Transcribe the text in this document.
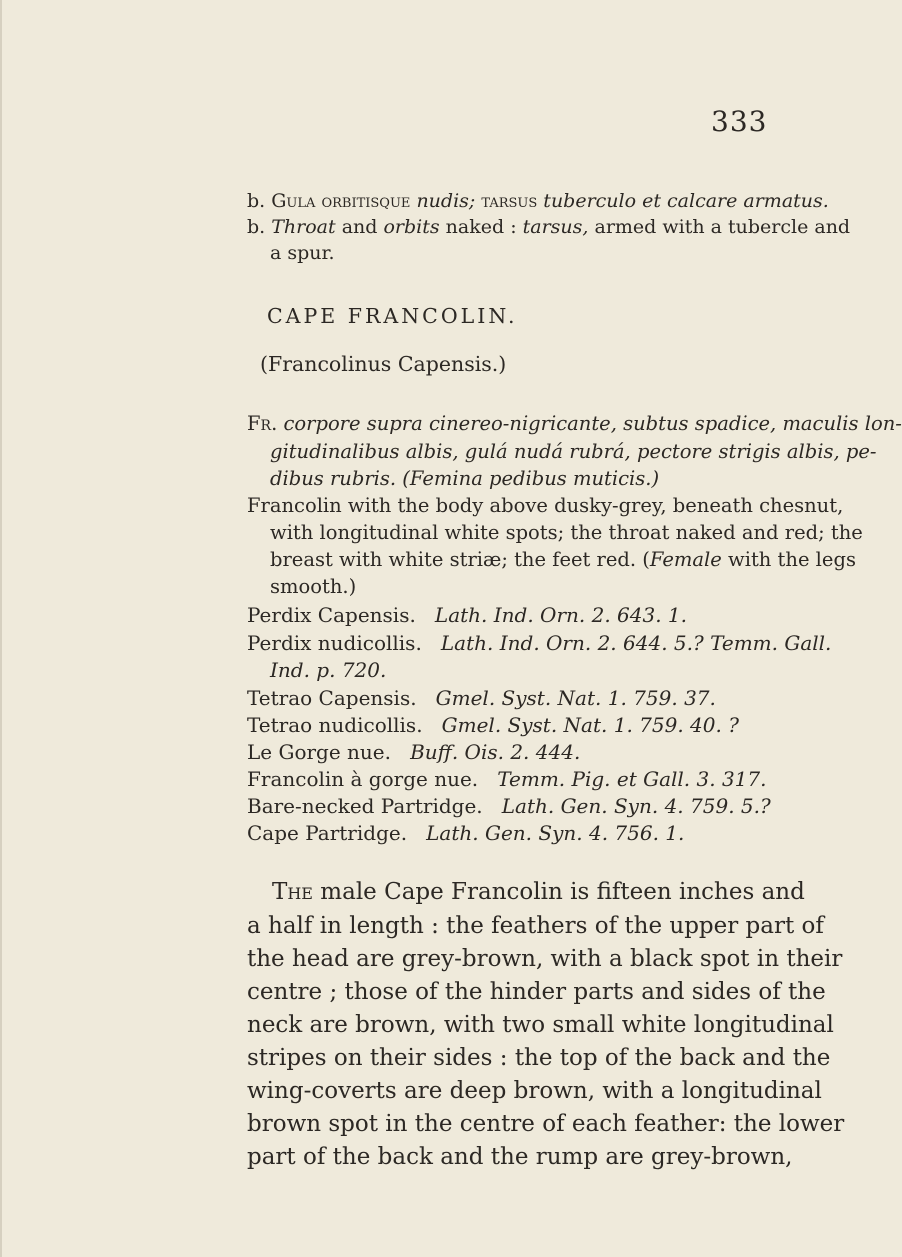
333
b. Gula orbitisque nudis; tarsus tuberculo et calcare armatus.
b. Throat and orbits naked : tarsus, armed with a tubercle and
a spur.
CAPE FRANCOLIN.
(Francolinus Capensis.)
Fr. corpore supra cinereo-nigricante, subtus spadice, maculis lon-
gitudinalibus albis, gulá nudá rubrá, pectore strigis albis, pe-
dibus rubris. (Femina pedibus muticis.)
Francolin with the body above dusky-grey, beneath chesnut,
with longitudinal white spots; the throat naked and red; the
breast with white striæ; the feet red. (Female with the legs
smooth.)
Perdix Capensis. Lath. Ind. Orn. 2. 643. 1.
Perdix nudicollis. Lath. Ind. Orn. 2. 644. 5.? Temm. Gall.
Ind. p. 720.
Tetrao Capensis. Gmel. Syst. Nat. 1. 759. 37.
Tetrao nudicollis. Gmel. Syst. Nat. 1. 759. 40. ?
Le Gorge nue. Buff. Ois. 2. 444.
Francolin à gorge nue. Temm. Pig. et Gall. 3. 317.
Bare-necked Partridge. Lath. Gen. Syn. 4. 759. 5.?
Cape Partridge. Lath. Gen. Syn. 4. 756. 1.
The male Cape Francolin is fifteen inches and
a half in length : the feathers of the upper part of
the head are grey-brown, with a black spot in their
centre ; those of the hinder parts and sides of the
neck are brown, with two small white longitudinal
stripes on their sides : the top of the back and the
wing-coverts are deep brown, with a longitudinal
brown spot in the centre of each feather: the lower
part of the back and the rump are grey-brown,
